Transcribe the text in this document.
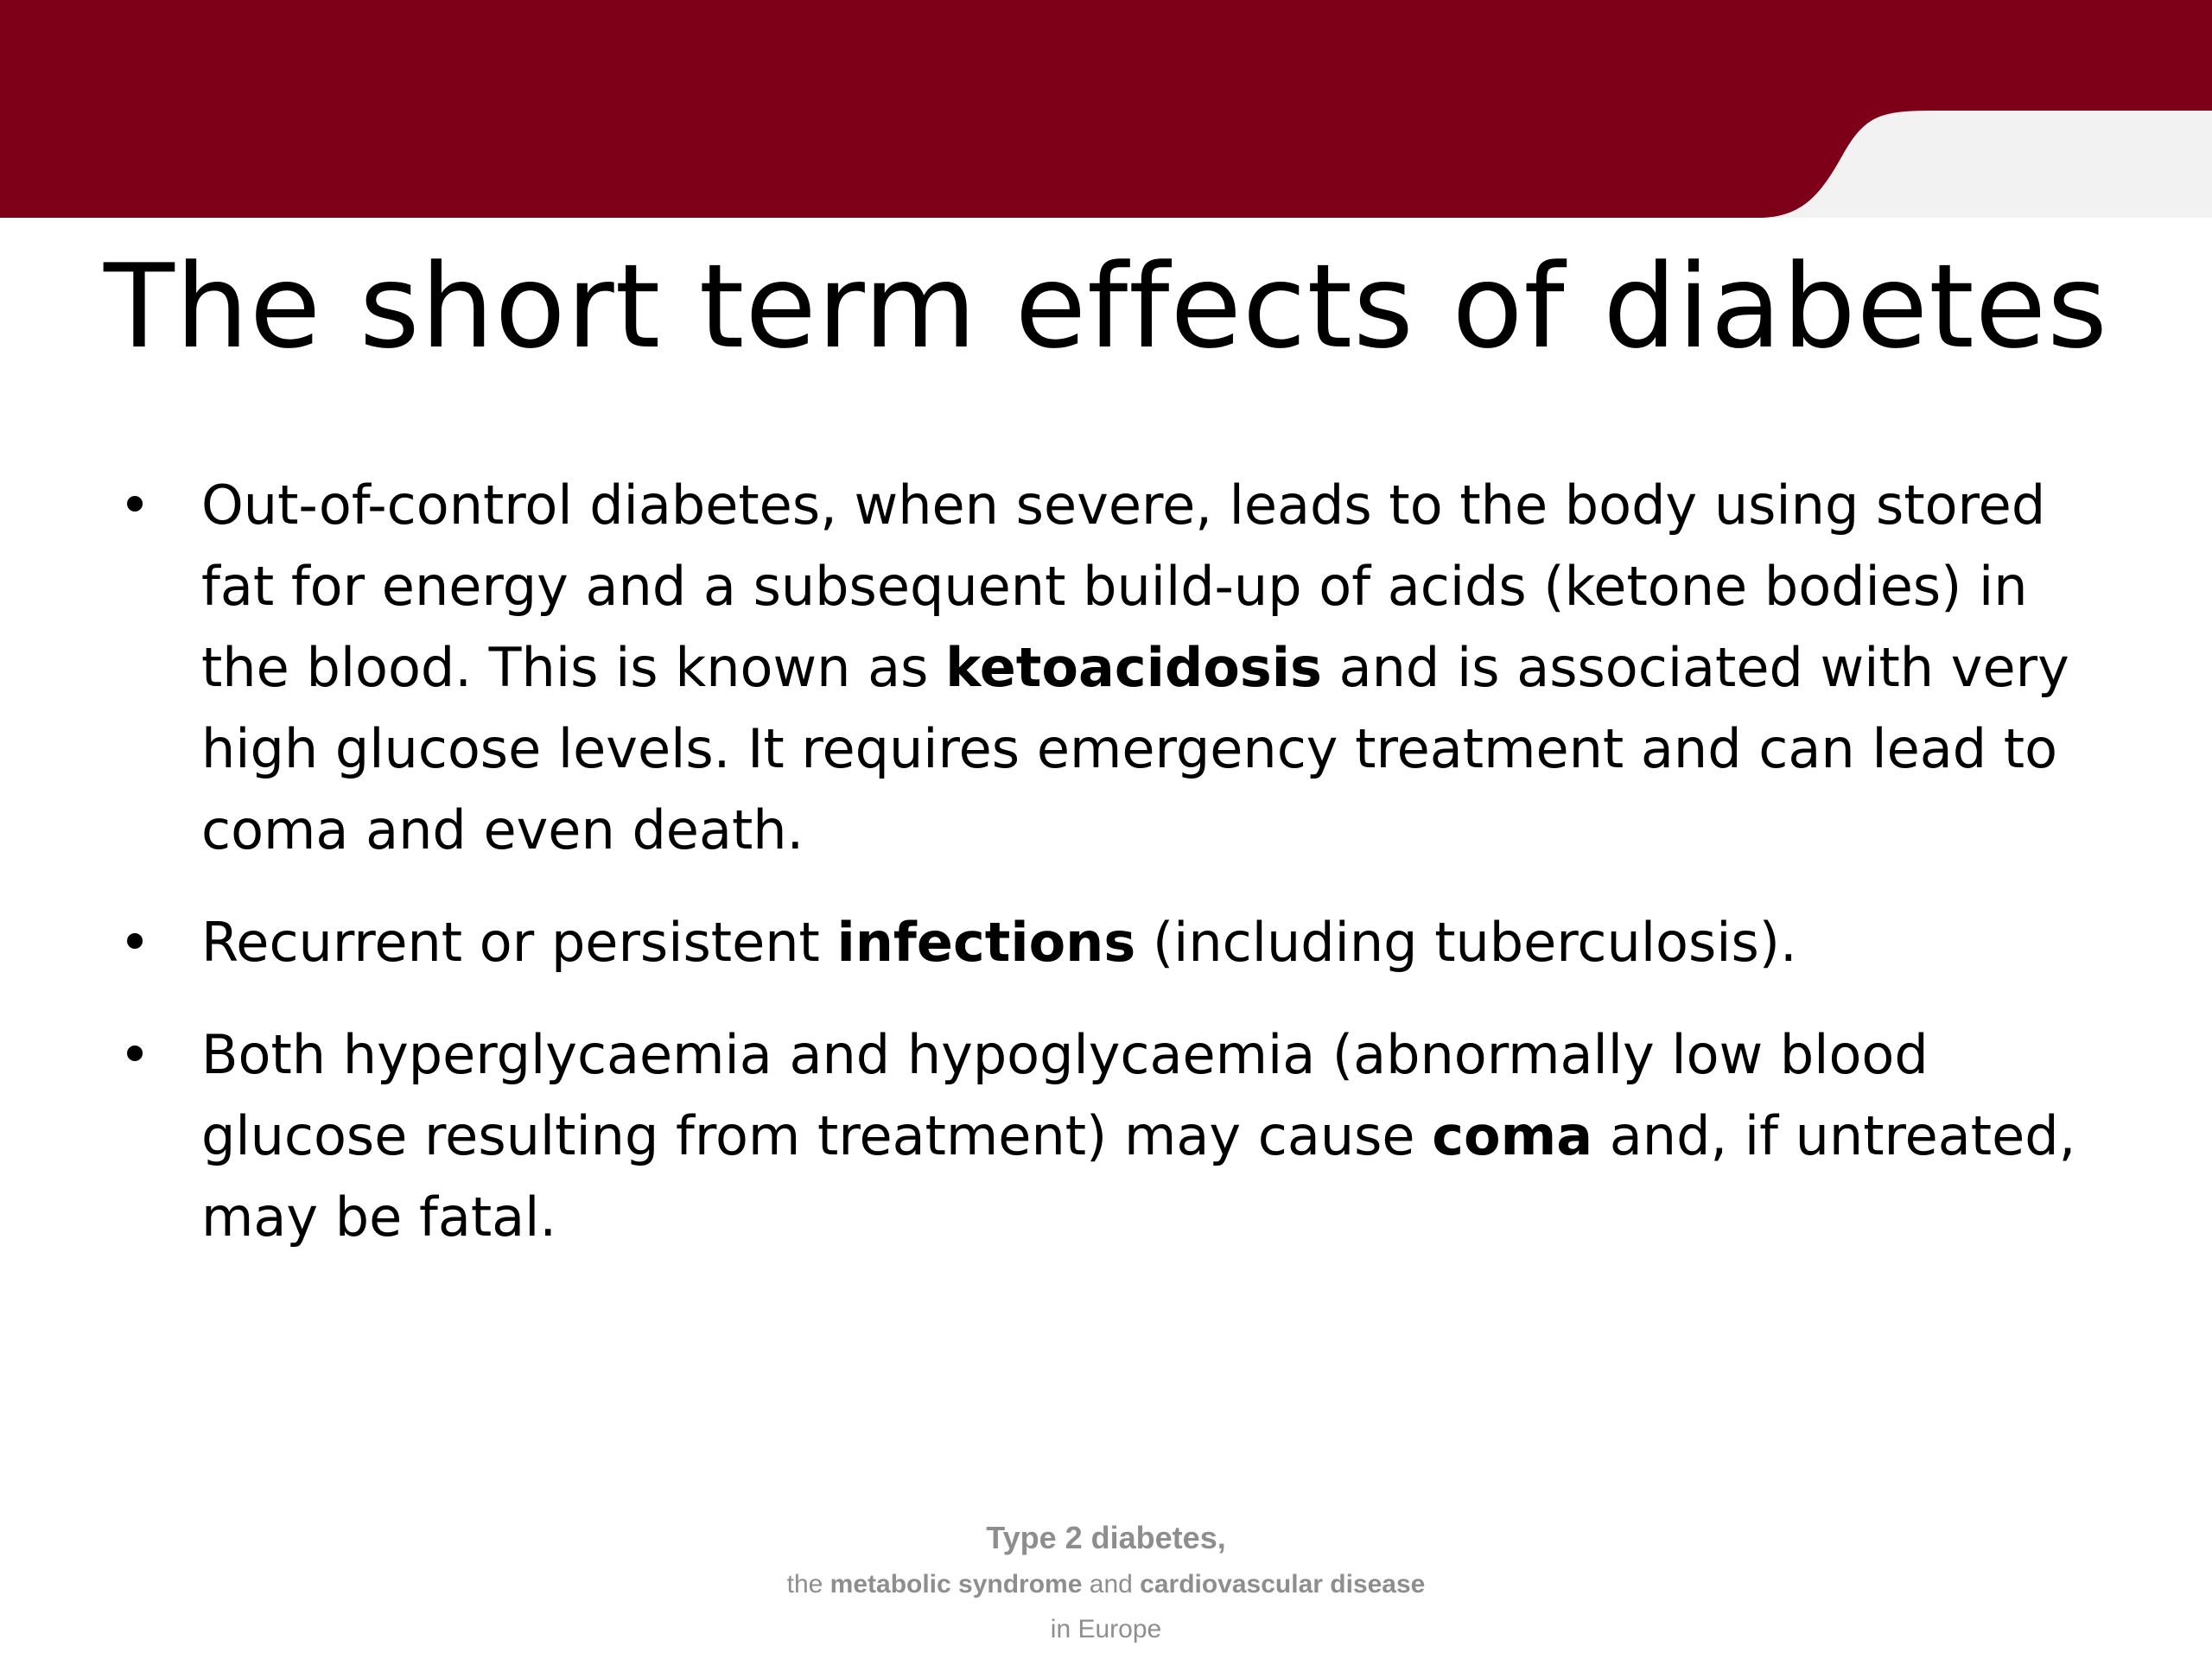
The short term effects of diabetes
• Out-of-control diabetes, when severe, leads to the body using stored fat for energy and a subsequent build-up of acids (ketone bodies) in the blood. This is known as ketoacidosis and is associated with very high glucose levels. It requires emergency treatment and can lead to coma and even death.
• Recurrent or persistent infections (including tuberculosis).
• Both hyperglycaemia and hypoglycaemia (abnormally low blood glucose resulting from treatment) may cause coma and, if untreated, may be fatal.
Type 2 diabetes,
the metabolic syndrome and cardiovascular disease
in Europe
